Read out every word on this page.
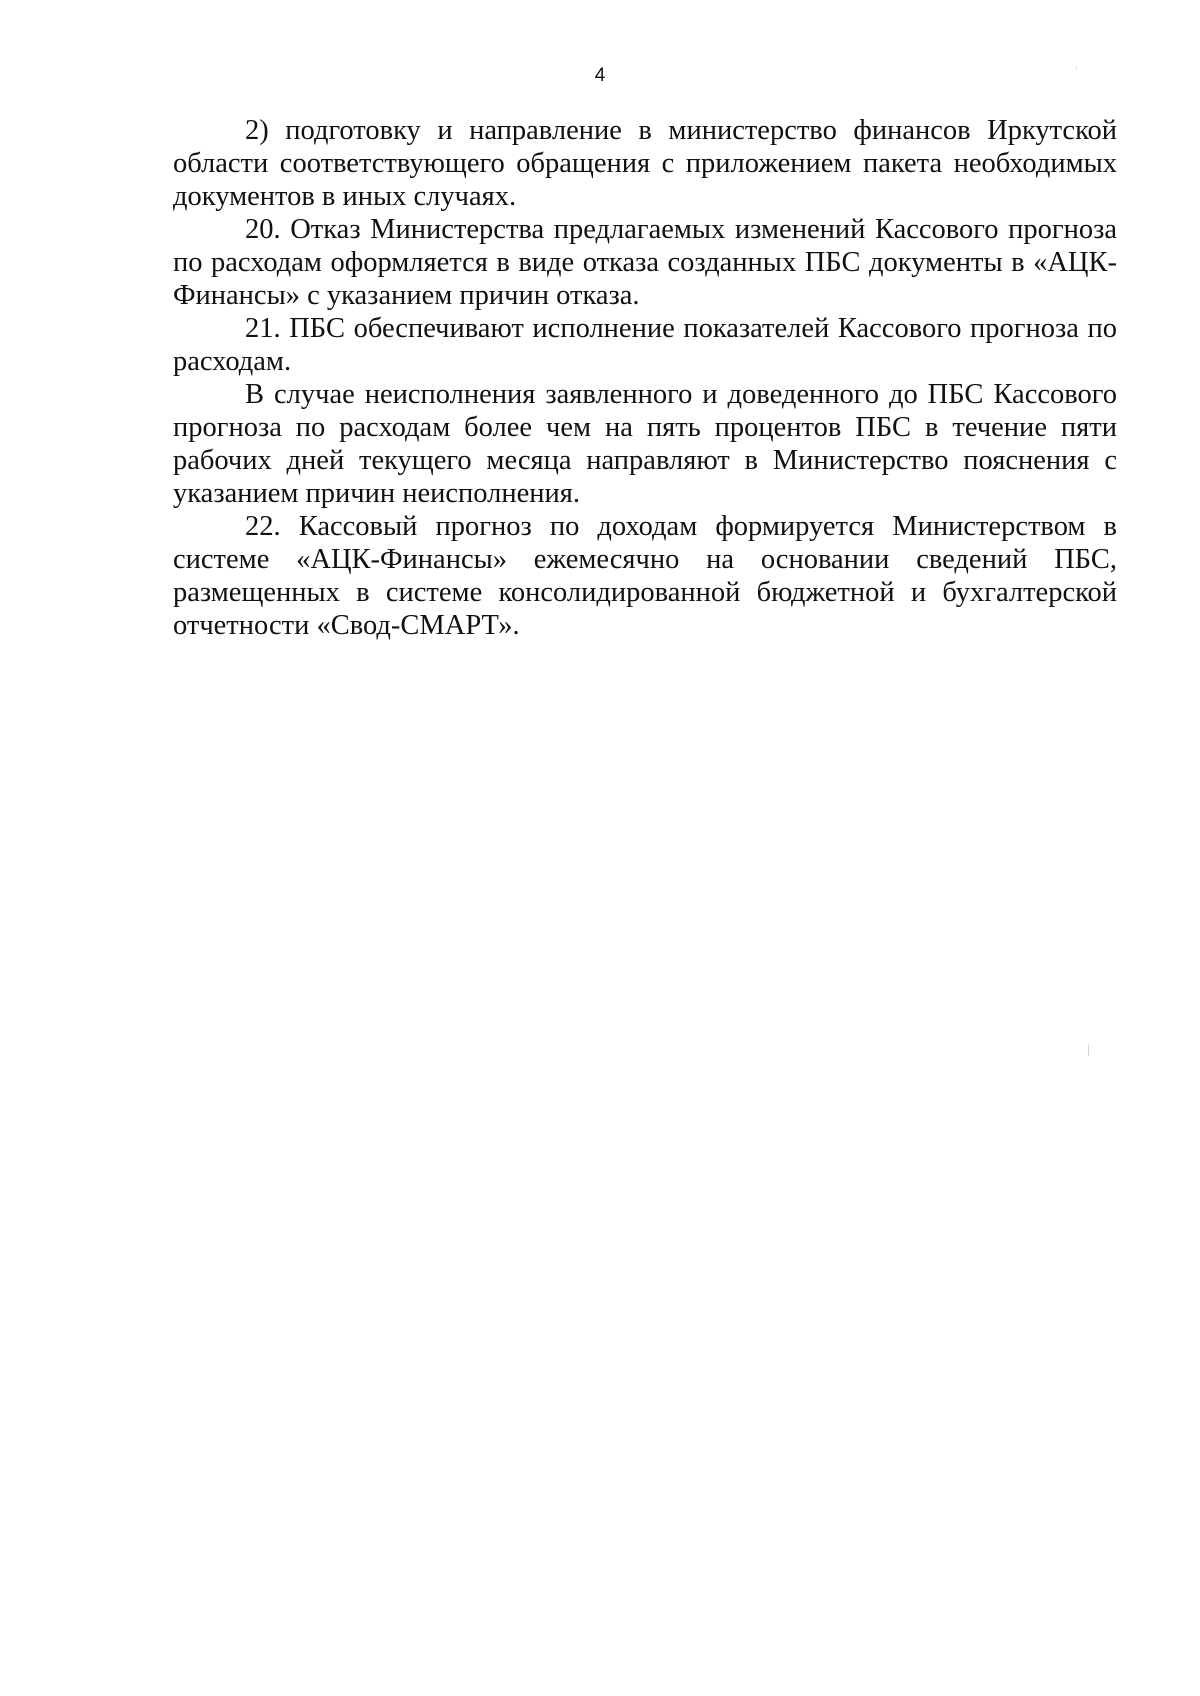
4

2) подготовку и направление в министерство финансов Иркутской области соответствующего обращения с приложением пакета необходимых документов в иных случаях.

20. Отказ Министерства предлагаемых изменений Кассового прогноза по расходам оформляется в виде отказа созданных ПБС документы в «АЦК-Финансы» с указанием причин отказа.

21. ПБС обеспечивают исполнение показателей Кассового прогноза по расходам.

В случае неисполнения заявленного и доведенного до ПБС Кассового прогноза по расходам более чем на пять процентов ПБС в течение пяти рабочих дней текущего месяца направляют в Министерство пояснения с указанием причин неисполнения.

22. Кассовый прогноз по доходам формируется Министерством в системе «АЦК-Финансы» ежемесячно на основании сведений ПБС, размещенных в системе консолидированной бюджетной и бухгалтерской отчетности «Свод-СМАРТ».
